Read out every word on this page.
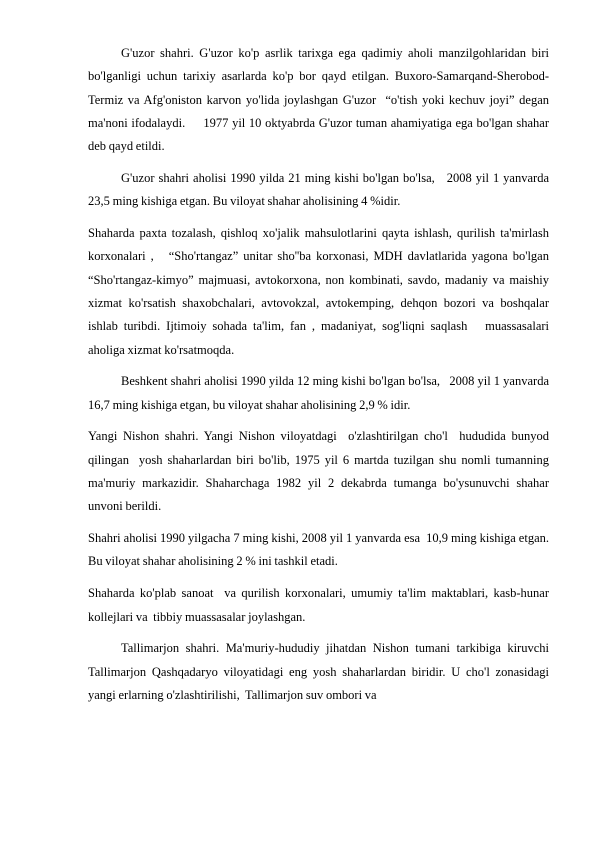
G'uzor shahri. G'uzor ko'p asrlik tarixga ega qadimiy aholi manzilgohlaridan biri bo'lganligi uchun tarixiy asarlarda ko'p bor qayd etilgan. Buxoro-Samarqand-Sherobod-Termiz va Afg'oniston karvon yo'lida joylashgan G'uzor  “o'tish yoki kechuv joyi” degan ma'noni ifodalaydi.     1977 yil 10 oktyabrda G'uzor tuman ahamiyatiga ega bo'lgan shahar deb qayd etildi.

G'uzor shahri aholisi 1990 yilda 21 ming kishi bo'lgan bo'lsa,   2008 yil 1 yanvarda   23,5 ming kishiga etgan. Bu viloyat shahar aholisining 4 %idir.

Shaharda paxta tozalash, qishloq xo'jalik mahsulotlarini qayta ishlash, qurilish ta'mirlash korxonalari ,   “Sho'rtangaz” unitar sho''ba korxonasi, MDH davlatlarida yagona bo'lgan “Sho'rtangaz-kimyo” majmuasi, avtokorxona, non kombinati, savdo, madaniy va maishiy xizmat ko'rsatish shaxobchalari, avtovokzal, avtokemping, dehqon bozori va boshqalar ishlab turibdi. Ijtimoiy sohada ta'lim, fan , madaniyat, sog'liqni saqlash   muassasalari aholiga xizmat ko'rsatmoqda.

Beshkent shahri aholisi 1990 yilda 12 ming kishi bo'lgan bo'lsa,   2008 yil 1 yanvarda 16,7 ming kishiga etgan, bu viloyat shahar aholisining 2,9 % idir.

Yangi Nishon shahri. Yangi Nishon viloyatdagi  o'zlashtirilgan cho'l  hududida bunyod qilingan  yosh shaharlardan biri bo'lib, 1975 yil 6 martda tuzilgan shu nomli tumanning ma'muriy markazidir. Shaharchaga 1982 yil 2 dekabrda tumanga bo'ysunuvchi shahar unvoni berildi.

Shahri aholisi 1990 yilgacha 7 ming kishi, 2008 yil 1 yanvarda esa  10,9 ming kishiga etgan.   Bu viloyat shahar aholisining 2 % ini tashkil etadi.

Shaharda ko'plab sanoat  va qurilish korxonalari, umumiy ta'lim maktablari, kasb-hunar kollejlari va  tibbiy muassasalar joylashgan.

Tallimarjon shahri. Ma'muriy-hududiy jihatdan Nishon tumani tarkibiga kiruvchi Tallimarjon Qashqadaryo viloyatidagi eng yosh shaharlardan biridir. U cho'l zonasidagi yangi erlarning o'zlashtirilishi,  Tallimarjon suv ombori va
